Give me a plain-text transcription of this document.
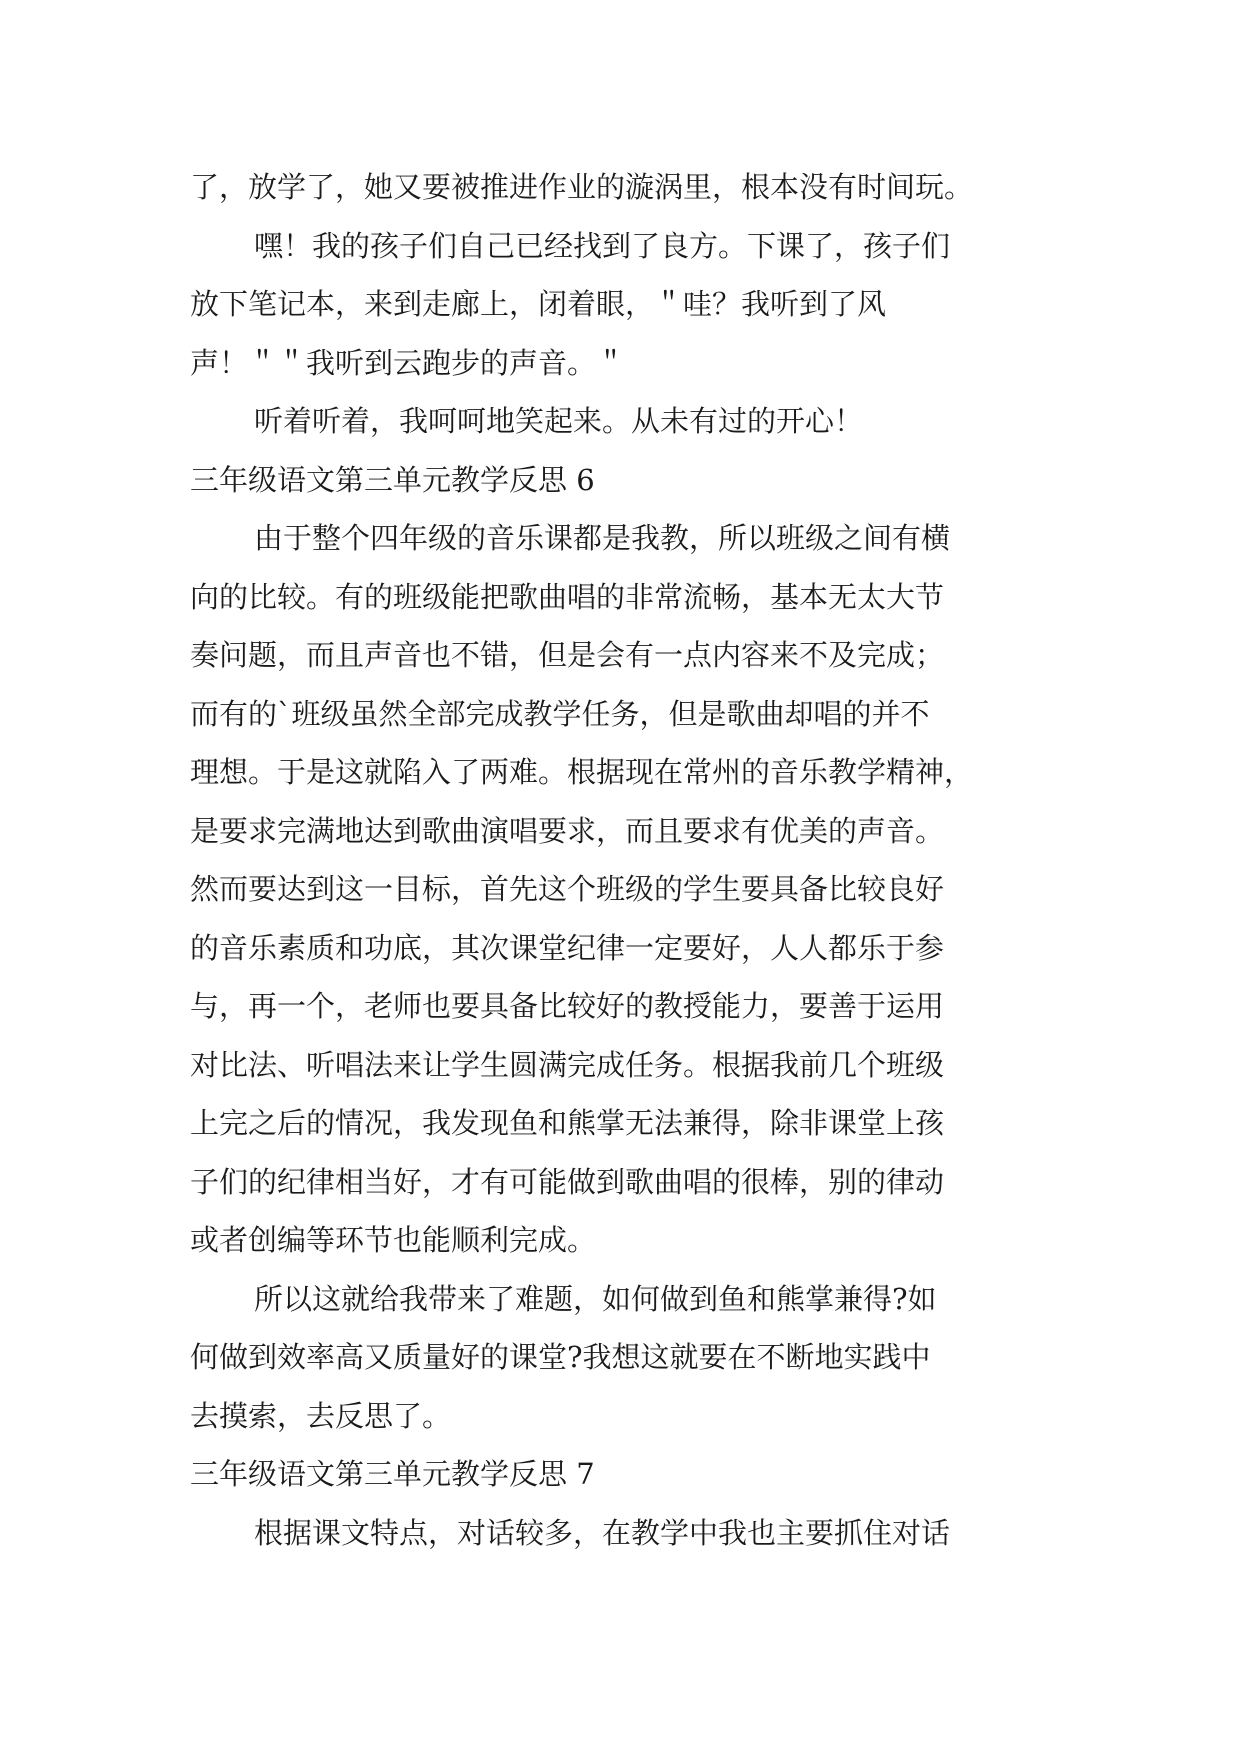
了，放学了，她又要被推进作业的漩涡里，根本没有时间玩。
嘿！我的孩子们自己已经找到了良方。下课了，孩子们
放下笔记本，来到走廊上，闭着眼，＂哇？我听到了风
声！＂＂我听到云跑步的声音。＂
听着听着，我呵呵地笑起来。从未有过的开心！
三年级语文第三单元教学反思 6
由于整个四年级的音乐课都是我教，所以班级之间有横
向的比较。有的班级能把歌曲唱的非常流畅，基本无太大节
奏问题，而且声音也不错，但是会有一点内容来不及完成；
而有的`班级虽然全部完成教学任务，但是歌曲却唱的并不
理想。于是这就陷入了两难。根据现在常州的音乐教学精神，
是要求完满地达到歌曲演唱要求，而且要求有优美的声音。
然而要达到这一目标，首先这个班级的学生要具备比较良好
的音乐素质和功底，其次课堂纪律一定要好，人人都乐于参
与，再一个，老师也要具备比较好的教授能力，要善于运用
对比法、听唱法来让学生圆满完成任务。根据我前几个班级
上完之后的情况，我发现鱼和熊掌无法兼得，除非课堂上孩
子们的纪律相当好，才有可能做到歌曲唱的很棒，别的律动
或者创编等环节也能顺利完成。
所以这就给我带来了难题，如何做到鱼和熊掌兼得?如
何做到效率高又质量好的课堂?我想这就要在不断地实践中
去摸索，去反思了。
三年级语文第三单元教学反思 7
根据课文特点，对话较多，在教学中我也主要抓住对话
